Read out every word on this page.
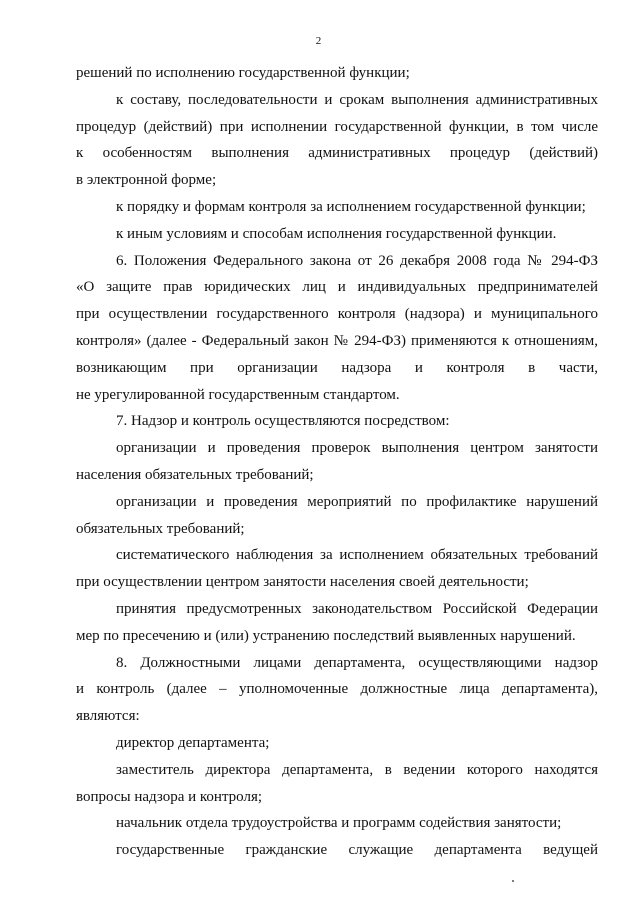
2
решений по исполнению государственной функции;
к составу, последовательности и срокам выполнения административных
процедур (действий) при исполнении государственной функции, в том числе
к особенностям выполнения административных процедур (действий)
в электронной форме;
к порядку и формам контроля за исполнением государственной функции;
к иным условиям и способам исполнения государственной функции.
6. Положения Федерального закона от 26 декабря 2008 года № 294-ФЗ
«О защите прав юридических лиц и индивидуальных предпринимателей
при осуществлении государственного контроля (надзора) и муниципального
контроля» (далее - Федеральный закон № 294-ФЗ) применяются к отношениям,
возникающим при организации надзора и контроля в части,
не урегулированной государственным стандартом.
7. Надзор и контроль осуществляются посредством:
организации и проведения проверок выполнения центром занятости
населения обязательных требований;
организации и проведения мероприятий по профилактике нарушений
обязательных требований;
систематического наблюдения за исполнением обязательных требований
при осуществлении центром занятости населения своей деятельности;
принятия предусмотренных законодательством Российской Федерации
мер по пресечению и (или) устранению последствий выявленных нарушений.
8. Должностными лицами департамента, осуществляющими надзор
и контроль (далее – уполномоченные должностные лица департамента),
являются:
директор департамента;
заместитель директора департамента, в ведении которого находятся
вопросы надзора и контроля;
начальник отдела трудоустройства и программ содействия занятости;
государственные гражданские служащие департамента ведущей
